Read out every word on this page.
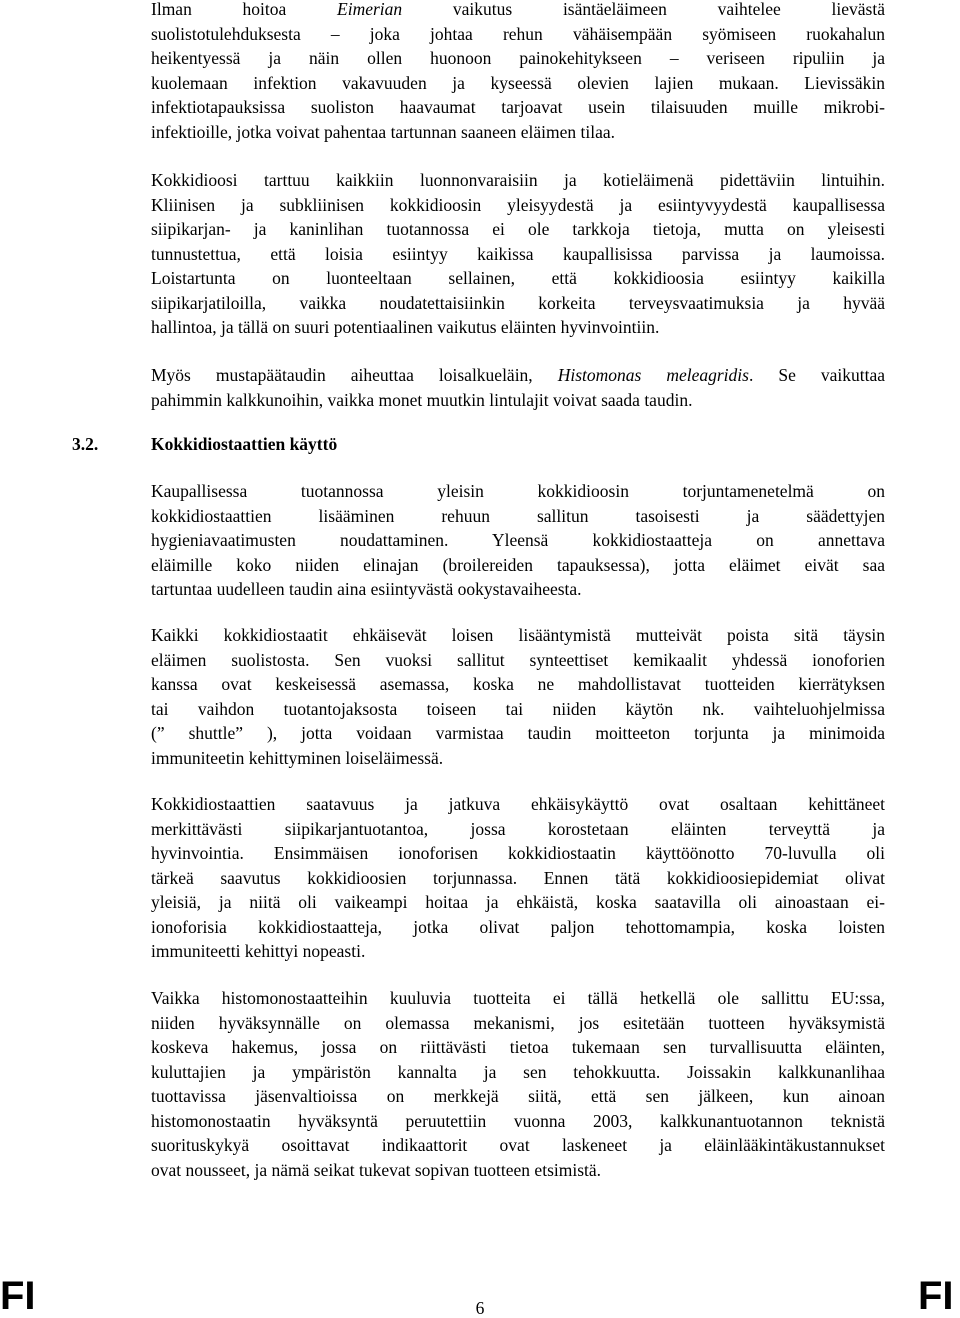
Ilman hoitoa Eimerian vaikutus isäntäeläimeen vaihtelee lievästä
suolistotulehduksesta – joka johtaa rehun vähäisempään syömiseen ruokahalun
heikentyessä ja näin ollen huonoon painokehitykseen – veriseen ripuliin ja
kuolemaan infektion vakavuuden ja kyseessä olevien lajien mukaan. Lievissäkin
infektiotapauksissa suoliston haavaumat tarjoavat usein tilaisuuden muille mikrobi-
infektioille, jotka voivat pahentaa tartunnan saaneen eläimen tilaa.
Kokkidioosi tarttuu kaikkiin luonnonvaraisiin ja kotieläimenä pidettäviin lintuihin.
Kliinisen ja subkliinisen kokkidioosin yleisyydestä ja esiintyvyydestä kaupallisessa
siipikarjan- ja kaninlihan tuotannossa ei ole tarkkoja tietoja, mutta on yleisesti
tunnustettua, että loisia esiintyy kaikissa kaupallisissa parvissa ja laumoissa.
Loistartunta on luonteeltaan sellainen, että kokkidioosia esiintyy kaikilla
siipikarjatiloilla, vaikka noudatettaisiinkin korkeita terveysvaatimuksia ja hyvää
hallintoa, ja tällä on suuri potentiaalinen vaikutus eläinten hyvinvointiin.
Myös mustapäätaudin aiheuttaa loisalkueläin, Histomonas meleagridis. Se vaikuttaa
pahimmin kalkkunoihin, vaikka monet muutkin lintulajit voivat saada taudin.
3.2.	Kokkidiostaattien käyttö
Kaupallisessa tuotannossa yleisin kokkidioosin torjuntamenetelmä on
kokkidiostaattien lisääminen rehuun sallitun tasoisesti ja säädettyjen
hygieniavaatimusten noudattaminen. Yleensä kokkidiostaatteja on annettava
eläimille koko niiden elinajan (broilereiden tapauksessa), jotta eläimet eivät saa
tartuntaa uudelleen taudin aina esiintyvästä ookystavaiheesta.
Kaikki kokkidiostaatit ehkäisevät loisen lisääntymistä mutteivät poista sitä täysin
eläimen suolistosta. Sen vuoksi sallitut synteettiset kemikaalit yhdessä ionoforien
kanssa ovat keskeisessä asemassa, koska ne mahdollistavat tuotteiden kierrätyksen
tai vaihdon tuotantojaksosta toiseen tai niiden käytön nk. vaihteluohjelmissa
(” shuttle” ), jotta voidaan varmistaa taudin moitteeton torjunta ja minimoida
immuniteetin kehittyminen loiseläimessä.
Kokkidiostaattien saatavuus ja jatkuva ehkäisykäyttö ovat osaltaan kehittäneet
merkittävästi siipikarjantuotantoa, jossa korostetaan eläinten terveyttä ja
hyvinvointia. Ensimmäisen ionoforisen kokkidiostaatin käyttöönotto 70-luvulla oli
tärkeä saavutus kokkidioosien torjunnassa. Ennen tätä kokkidioosiepidemiat olivat
yleisiä, ja niitä oli vaikeampi hoitaa ja ehkäistä, koska saatavilla oli ainoastaan ei-
ionoforisia kokkidiostaatteja, jotka olivat paljon tehottomampia, koska loisten
immuniteetti kehittyi nopeasti.
Vaikka histomonostaatteihin kuuluvia tuotteita ei tällä hetkellä ole sallittu EU:ssa,
niiden hyväksynnälle on olemassa mekanismi, jos esitetään tuotteen hyväksymistä
koskeva hakemus, jossa on riittävästi tietoa tukemaan sen turvallisuutta eläinten,
kuluttajien ja ympäristön kannalta ja sen tehokkuutta. Joissakin kalkkunanlihaa
tuottavissa jäsenvaltioissa on merkkejä siitä, että sen jälkeen, kun ainoan
histomonostaatin hyväksyntä peruutettiin vuonna 2003, kalkkunantuotannon teknistä
suorituskykyä osoittavat indikaattorit ovat laskeneet ja eläinlääkintäkustannukset
ovat nousseet, ja nämä seikat tukevat sopivan tuotteen etsimistä.
FI	6	FI
